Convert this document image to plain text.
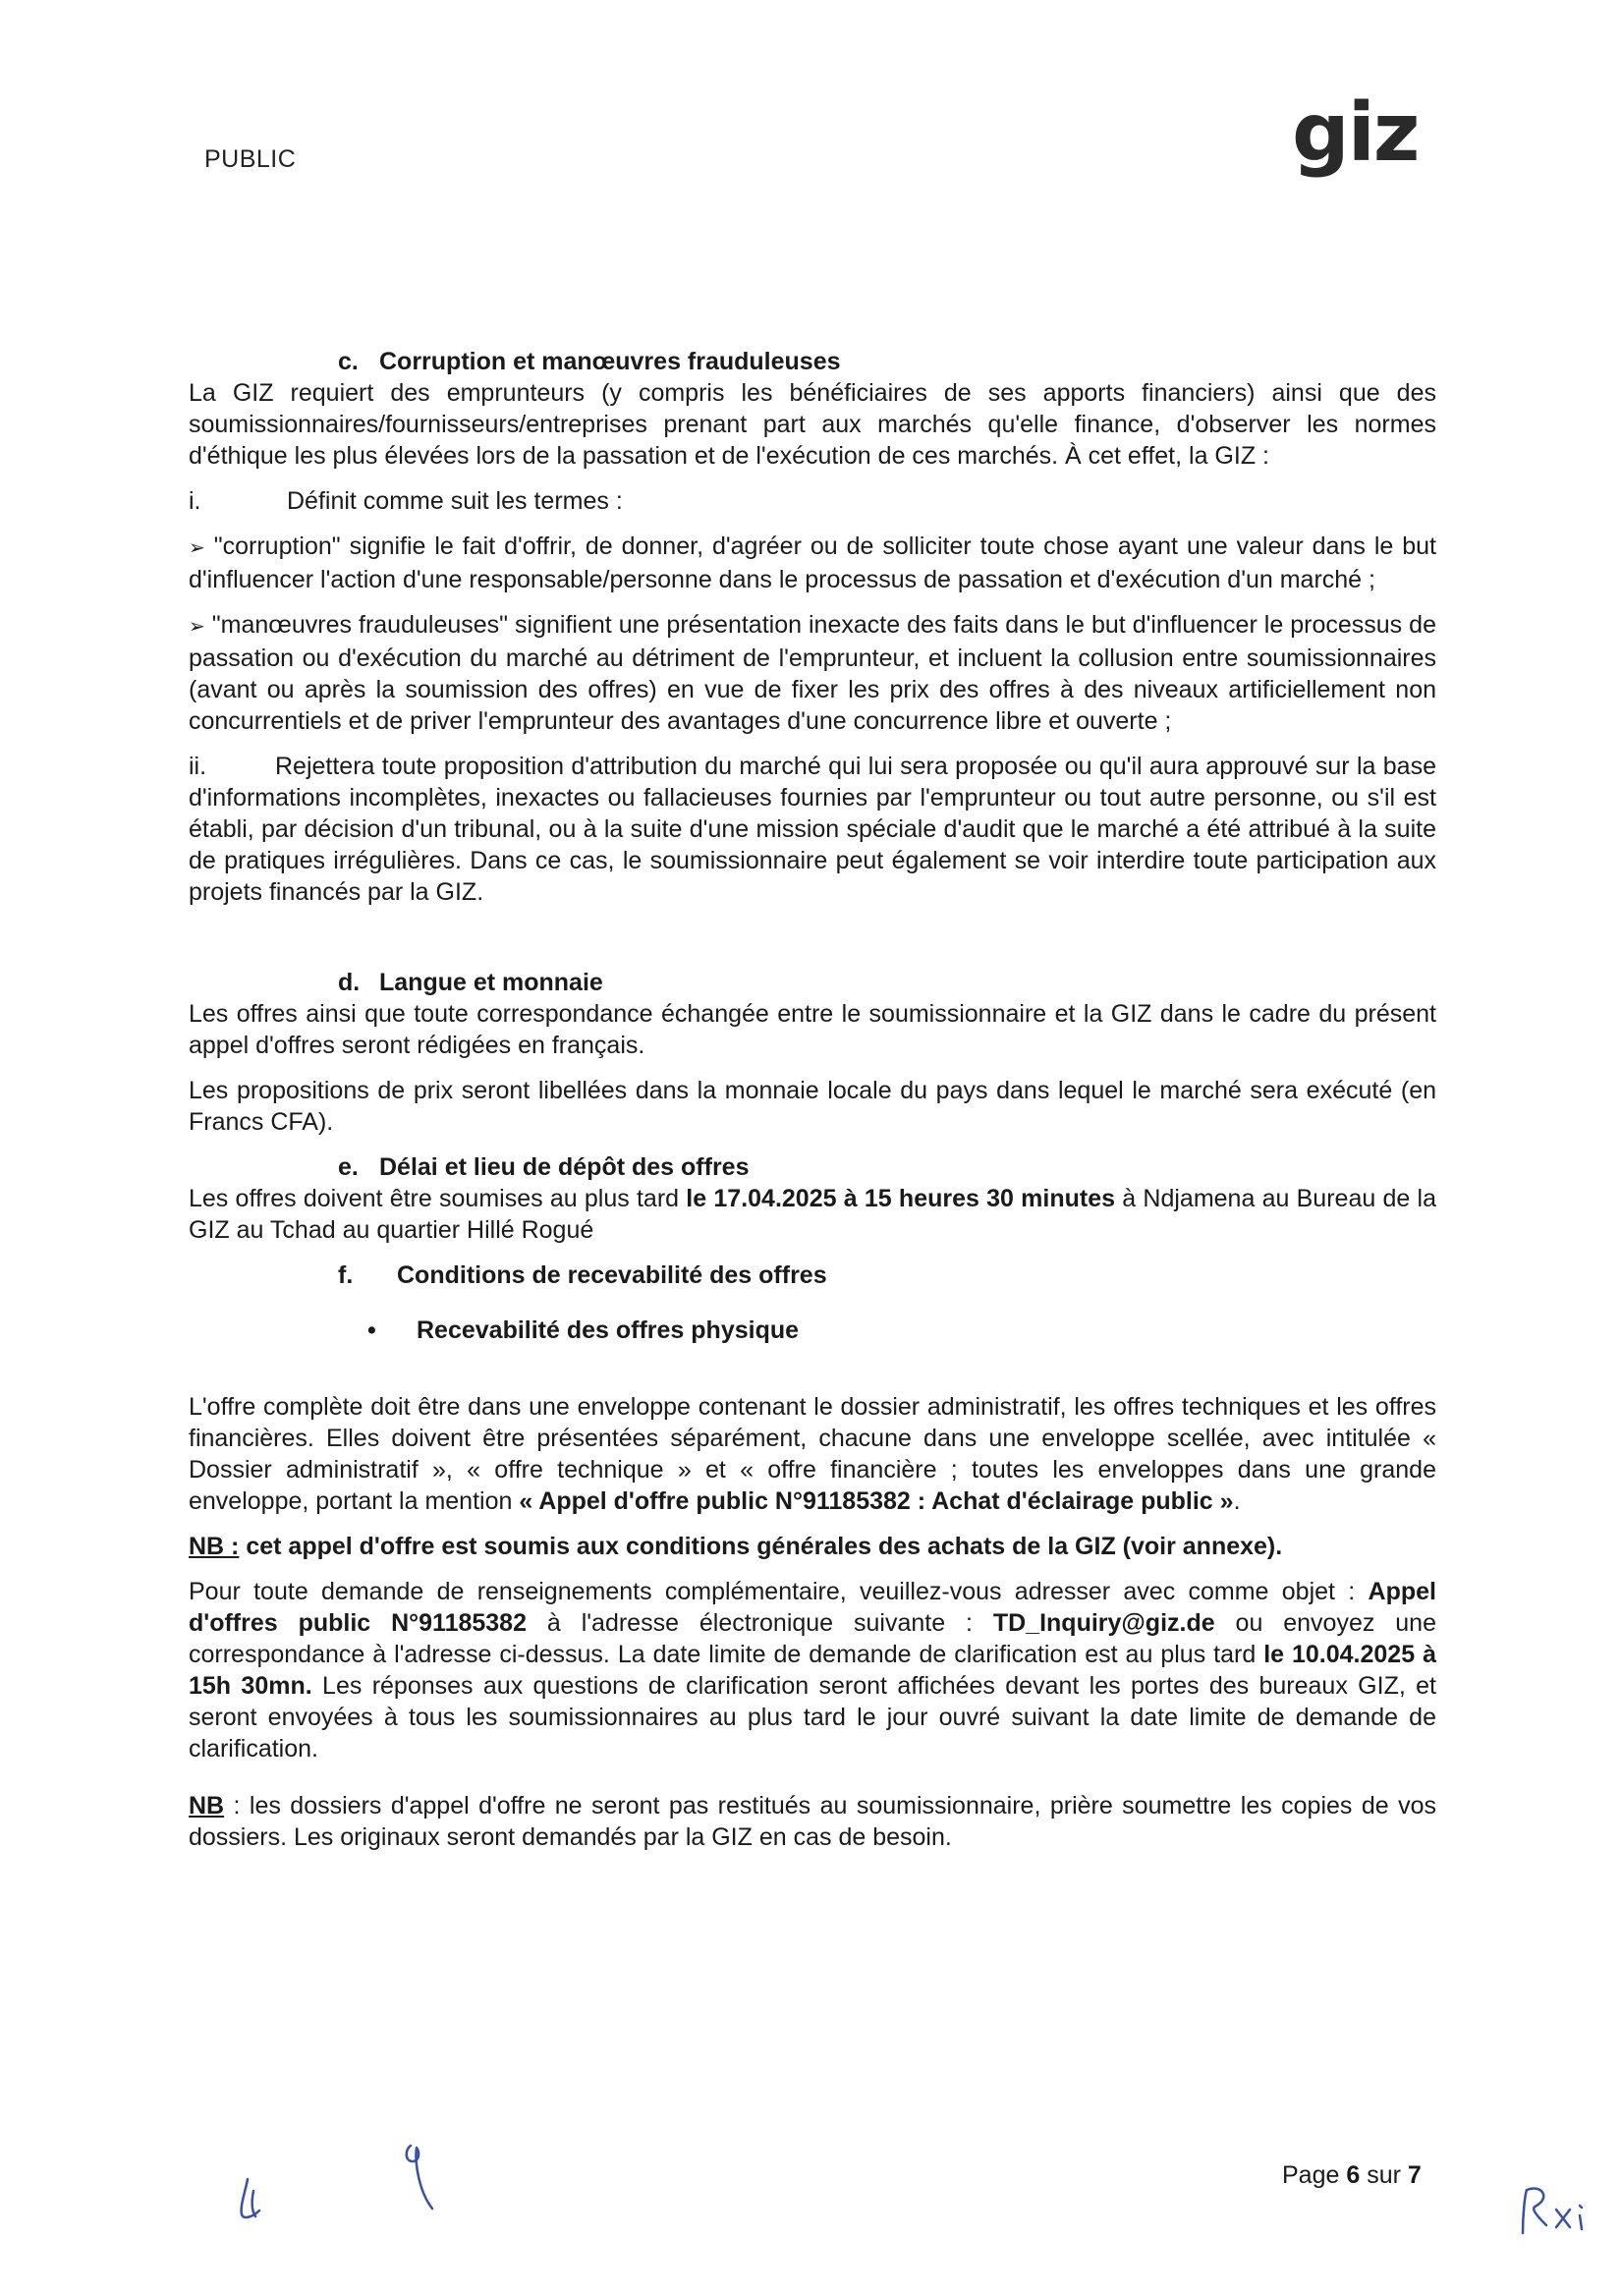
PUBLIC	giz
c. Corruption et manœuvres frauduleuses

La GIZ requiert des emprunteurs (y compris les bénéficiaires de ses apports financiers) ainsi que des soumissionnaires/fournisseurs/entreprises prenant part aux marchés qu'elle finance, d'observer les normes d'éthique les plus élevées lors de la passation et de l'exécution de ces marchés. À cet effet, la GIZ :

i.	Définit comme suit les termes :

➢ "corruption" signifie le fait d'offrir, de donner, d'agréer ou de solliciter toute chose ayant une valeur dans le but d'influencer l'action d'une responsable/personne dans le processus de passation et d'exécution d'un marché ;

➢ "manœuvres frauduleuses" signifient une présentation inexacte des faits dans le but d'influencer le processus de passation ou d'exécution du marché au détriment de l'emprunteur, et incluent la collusion entre soumissionnaires (avant ou après la soumission des offres) en vue de fixer les prix des offres à des niveaux artificiellement non concurrentiels et de priver l'emprunteur des avantages d'une concurrence libre et ouverte ;

ii.	Rejettera toute proposition d'attribution du marché qui lui sera proposée ou qu'il aura approuvé sur la base d'informations incomplètes, inexactes ou fallacieuses fournies par l'emprunteur ou tout autre personne, ou s'il est établi, par décision d'un tribunal, ou à la suite d'une mission spéciale d'audit que le marché a été attribué à la suite de pratiques irrégulières. Dans ce cas, le soumissionnaire peut également se voir interdire toute participation aux projets financés par la GIZ.
d. Langue et monnaie

Les offres ainsi que toute correspondance échangée entre le soumissionnaire et la GIZ dans le cadre du présent appel d'offres seront rédigées en français.

Les propositions de prix seront libellées dans la monnaie locale du pays dans lequel le marché sera exécuté (en Francs CFA).

e. Délai et lieu de dépôt des offres

Les offres doivent être soumises au plus tard le 17.04.2025 à 15 heures 30 minutes à Ndjamena au Bureau de la GIZ au Tchad au quartier Hillé Rogué

f. Conditions de recevabilité des offres
• Recevabilité des offres physique

L'offre complète doit être dans une enveloppe contenant le dossier administratif, les offres techniques et les offres financières. Elles doivent être présentées séparément, chacune dans une enveloppe scellée, avec intitulée « Dossier administratif », « offre technique » et « offre financière ; toutes les enveloppes dans une grande enveloppe, portant la mention « Appel d'offre public N°91185382 : Achat d'éclairage public ».

NB : cet appel d'offre est soumis aux conditions générales des achats de la GIZ (voir annexe).

Pour toute demande de renseignements complémentaire, veuillez-vous adresser avec comme objet : Appel d'offres public N°91185382 à l'adresse électronique suivante : TD_Inquiry@giz.de ou envoyez une correspondance à l'adresse ci-dessus. La date limite de demande de clarification est au plus tard le 10.04.2025 à 15h 30mn. Les réponses aux questions de clarification seront affichées devant les portes des bureaux GIZ, et seront envoyées à tous les soumissionnaires au plus tard le jour ouvré suivant la date limite de demande de clarification.

NB : les dossiers d'appel d'offre ne seront pas restitués au soumissionnaire, prière soumettre les copies de vos dossiers. Les originaux seront demandés par la GIZ en cas de besoin.

Page 6 sur 7
